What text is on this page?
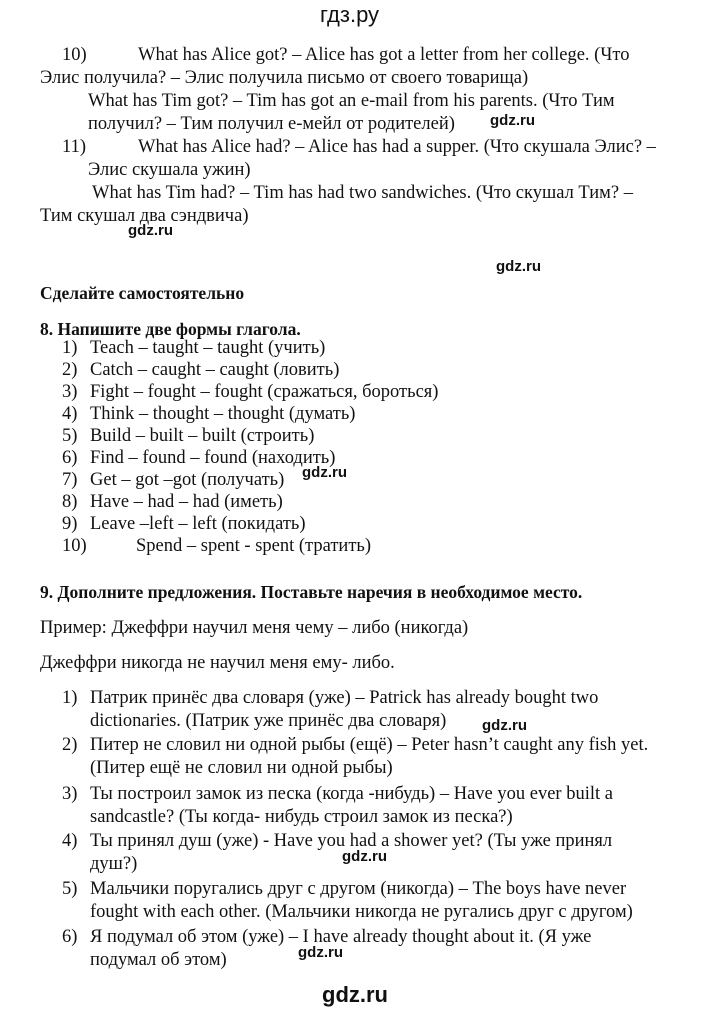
гдз.ру
10)	What has Alice got? – Alice has got a letter from her college. (Что
Элис получила? – Элис получила письмо от своего товарища)
What has Tim got? – Tim has got an e-mail from his parents. (Что Тим
получил? – Тим получил е-мейл от родителей) gdz.ru
11)	What has Alice had? – Alice has had a supper. (Что скушала Элис? –
Элис скушала ужин)
What has Tim had? – Tim has had two sandwiches. (Что скушал Тим? –
Тим скушал два сэндвича)
gdz.ru
gdz.ru
Сделайте самостоятельно
8. Напишите две формы глагола.
1) Teach – taught – taught (учить)
2) Catch – caught – caught (ловить)
3) Fight – fought – fought (сражаться, бороться)
4) Think – thought – thought (думать)
5) Build – built – built (строить)
6) Find – found – found (находить)
gdz.ru
7) Get – got –got (получать)
8) Have – had – had (иметь)
9) Leave –left – left (покидать)
10)	Spend – spent - spent (тратить)
9. Дополните предложения. Поставьте наречия в необходимое место.
Пример: Джеффри научил меня чему – либо (никогда)
Джеффри никогда не научил меня ему- либо.
1) Патрик принёс два словаря (уже) – Patrick has already bought two
dictionaries. (Патрик уже принёс два словаря) gdz.ru
2) Питер не словил ни одной рыбы (ещё) – Peter hasn’t caught any fish yet.
(Питер ещё не словил ни одной рыбы)
3) Ты построил замок из песка (когда -нибудь) – Have you ever built a
sandcastle? (Ты когда- нибудь строил замок из песка?)
4) Ты принял душ (уже) - Have you had a shower yet? (Ты уже принял
душ?)	gdz.ru
5) Мальчики поругались друг с другом (никогда) – The boys have never
fought with each other. (Мальчики никогда не ругались друг с другом)
6) Я подумал об этом (уже) – I have already thought about it. (Я уже
подумал об этом)	gdz.ru
gdz.ru
